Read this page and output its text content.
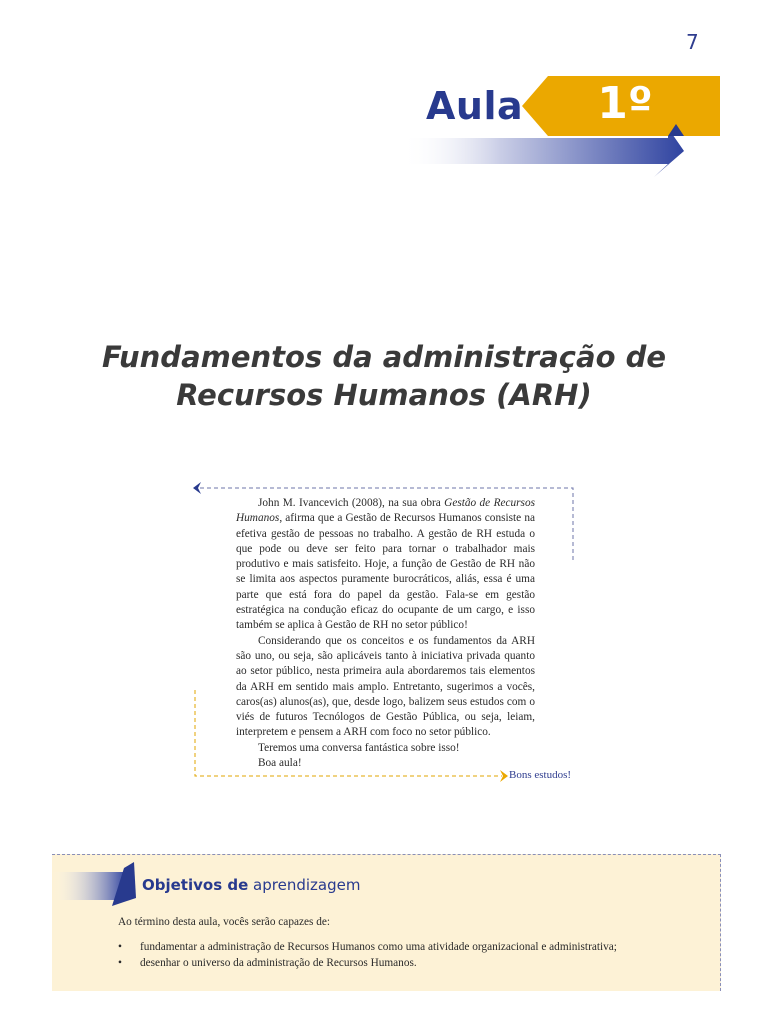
7
Aula	1º
Fundamentos da administração de
Recursos Humanos (ARH)

John M. Ivancevich (2008), na sua obra Gestão de Recursos Humanos, afirma que a Gestão de Recursos Humanos consiste na efetiva gestão de pessoas no trabalho. A gestão de RH estuda o que pode ou deve ser feito para tornar o trabalhador mais produtivo e mais satisfeito. Hoje, a função de Gestão de RH não se limita aos aspectos puramente burocráticos, aliás, essa é uma parte que está fora do papel da gestão. Fala-se em gestão estratégica na condução eficaz do ocupante de um cargo, e isso também se aplica à Gestão de RH no setor público!

Considerando que os conceitos e os fundamentos da ARH são uno, ou seja, são aplicáveis tanto à iniciativa privada quanto ao setor público, nesta primeira aula abordaremos tais elementos da ARH em sentido mais amplo. Entretanto, sugerimos a vocês, caros(as) alunos(as), que, desde logo, balizem seus estudos com o viés de futuros Tecnólogos de Gestão Pública, ou seja, leiam, interpretem e pensem a ARH com foco no setor público.

Teremos uma conversa fantástica sobre isso!

Boa aula!

Bons estudos!
Objetivos de aprendizagem
Ao término desta aula, vocês serão capazes de:
• fundamentar a administração de Recursos Humanos como uma atividade organizacional e administrativa;
• desenhar o universo da administração de Recursos Humanos.
